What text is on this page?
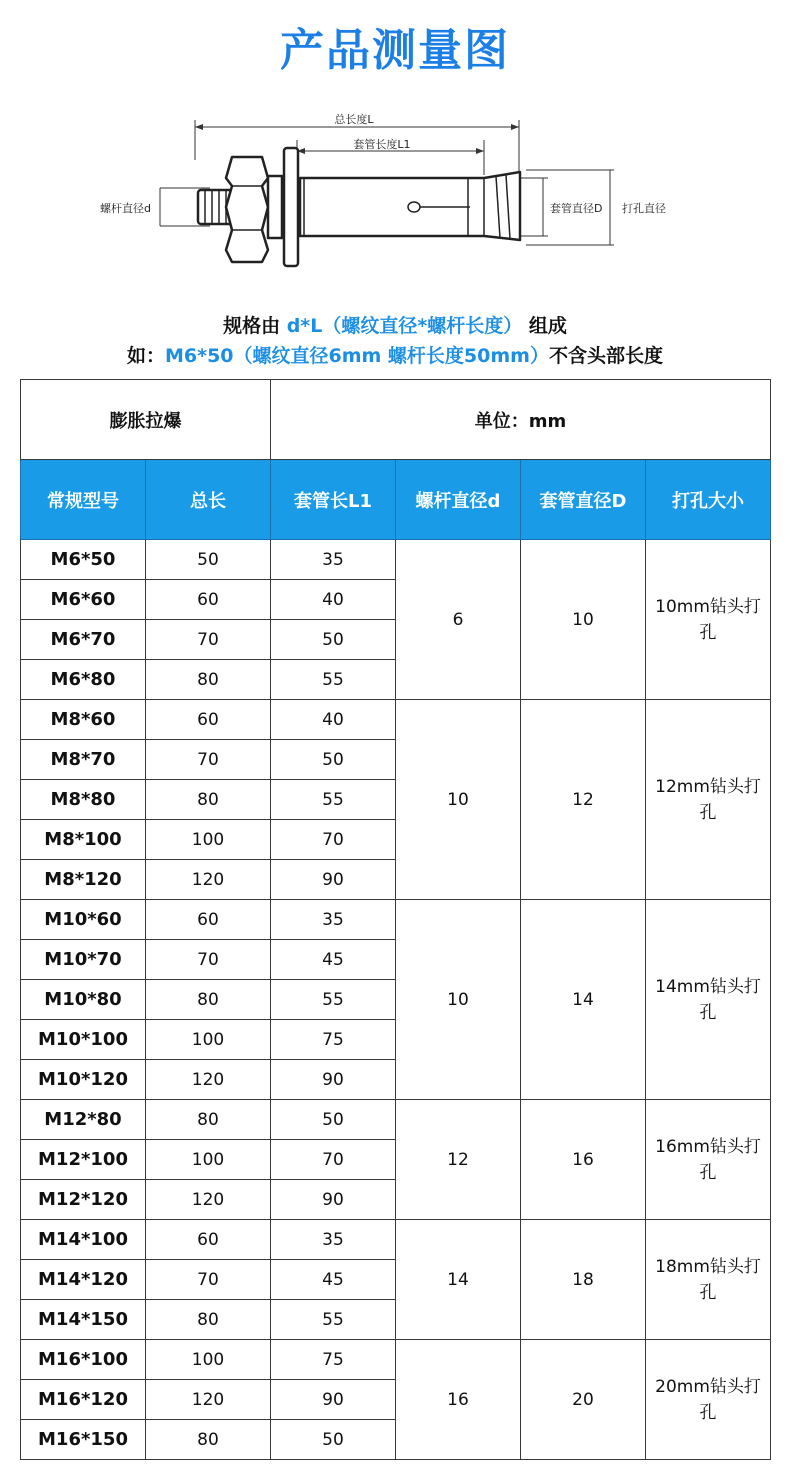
产品测量图
总长度L
套管长度L1
螺杆直径d	套管直径D 打孔直径
规格由 d*L（螺纹直径*螺杆长度） 组成
如：M6*50（螺纹直径6mm 螺杆长度50mm）不含头部长度
膨胀拉爆		单位：mm			
常规型号	总长	套管长L1	螺杆直径d	套管直径D	打孔大小
M6*50	50	35	6	10	10mm钻头打孔
M6*60	60	40			
M6*70	70	50			
M6*80	80	55			
M8*60	60	40	10	12	12mm钻头打孔
M8*70	70	50			
M8*80	80	55			
M8*100	100	70			
M8*120	120	90			
M10*60	60	35	10	14	14mm钻头打孔
M10*70	70	45			
M10*80	80	55			
M10*100	100	75			
M10*120	120	90			
M12*80	80	50	12	16	16mm钻头打孔
M12*100	100	70			
M12*120	120	90			
M14*100	60	35	14	18	18mm钻头打孔
M14*120	70	45			
M14*150	80	55			
M16*100	100	75	16	20	20mm钻头打孔
M16*120	120	90			
M16*150	80	50			
